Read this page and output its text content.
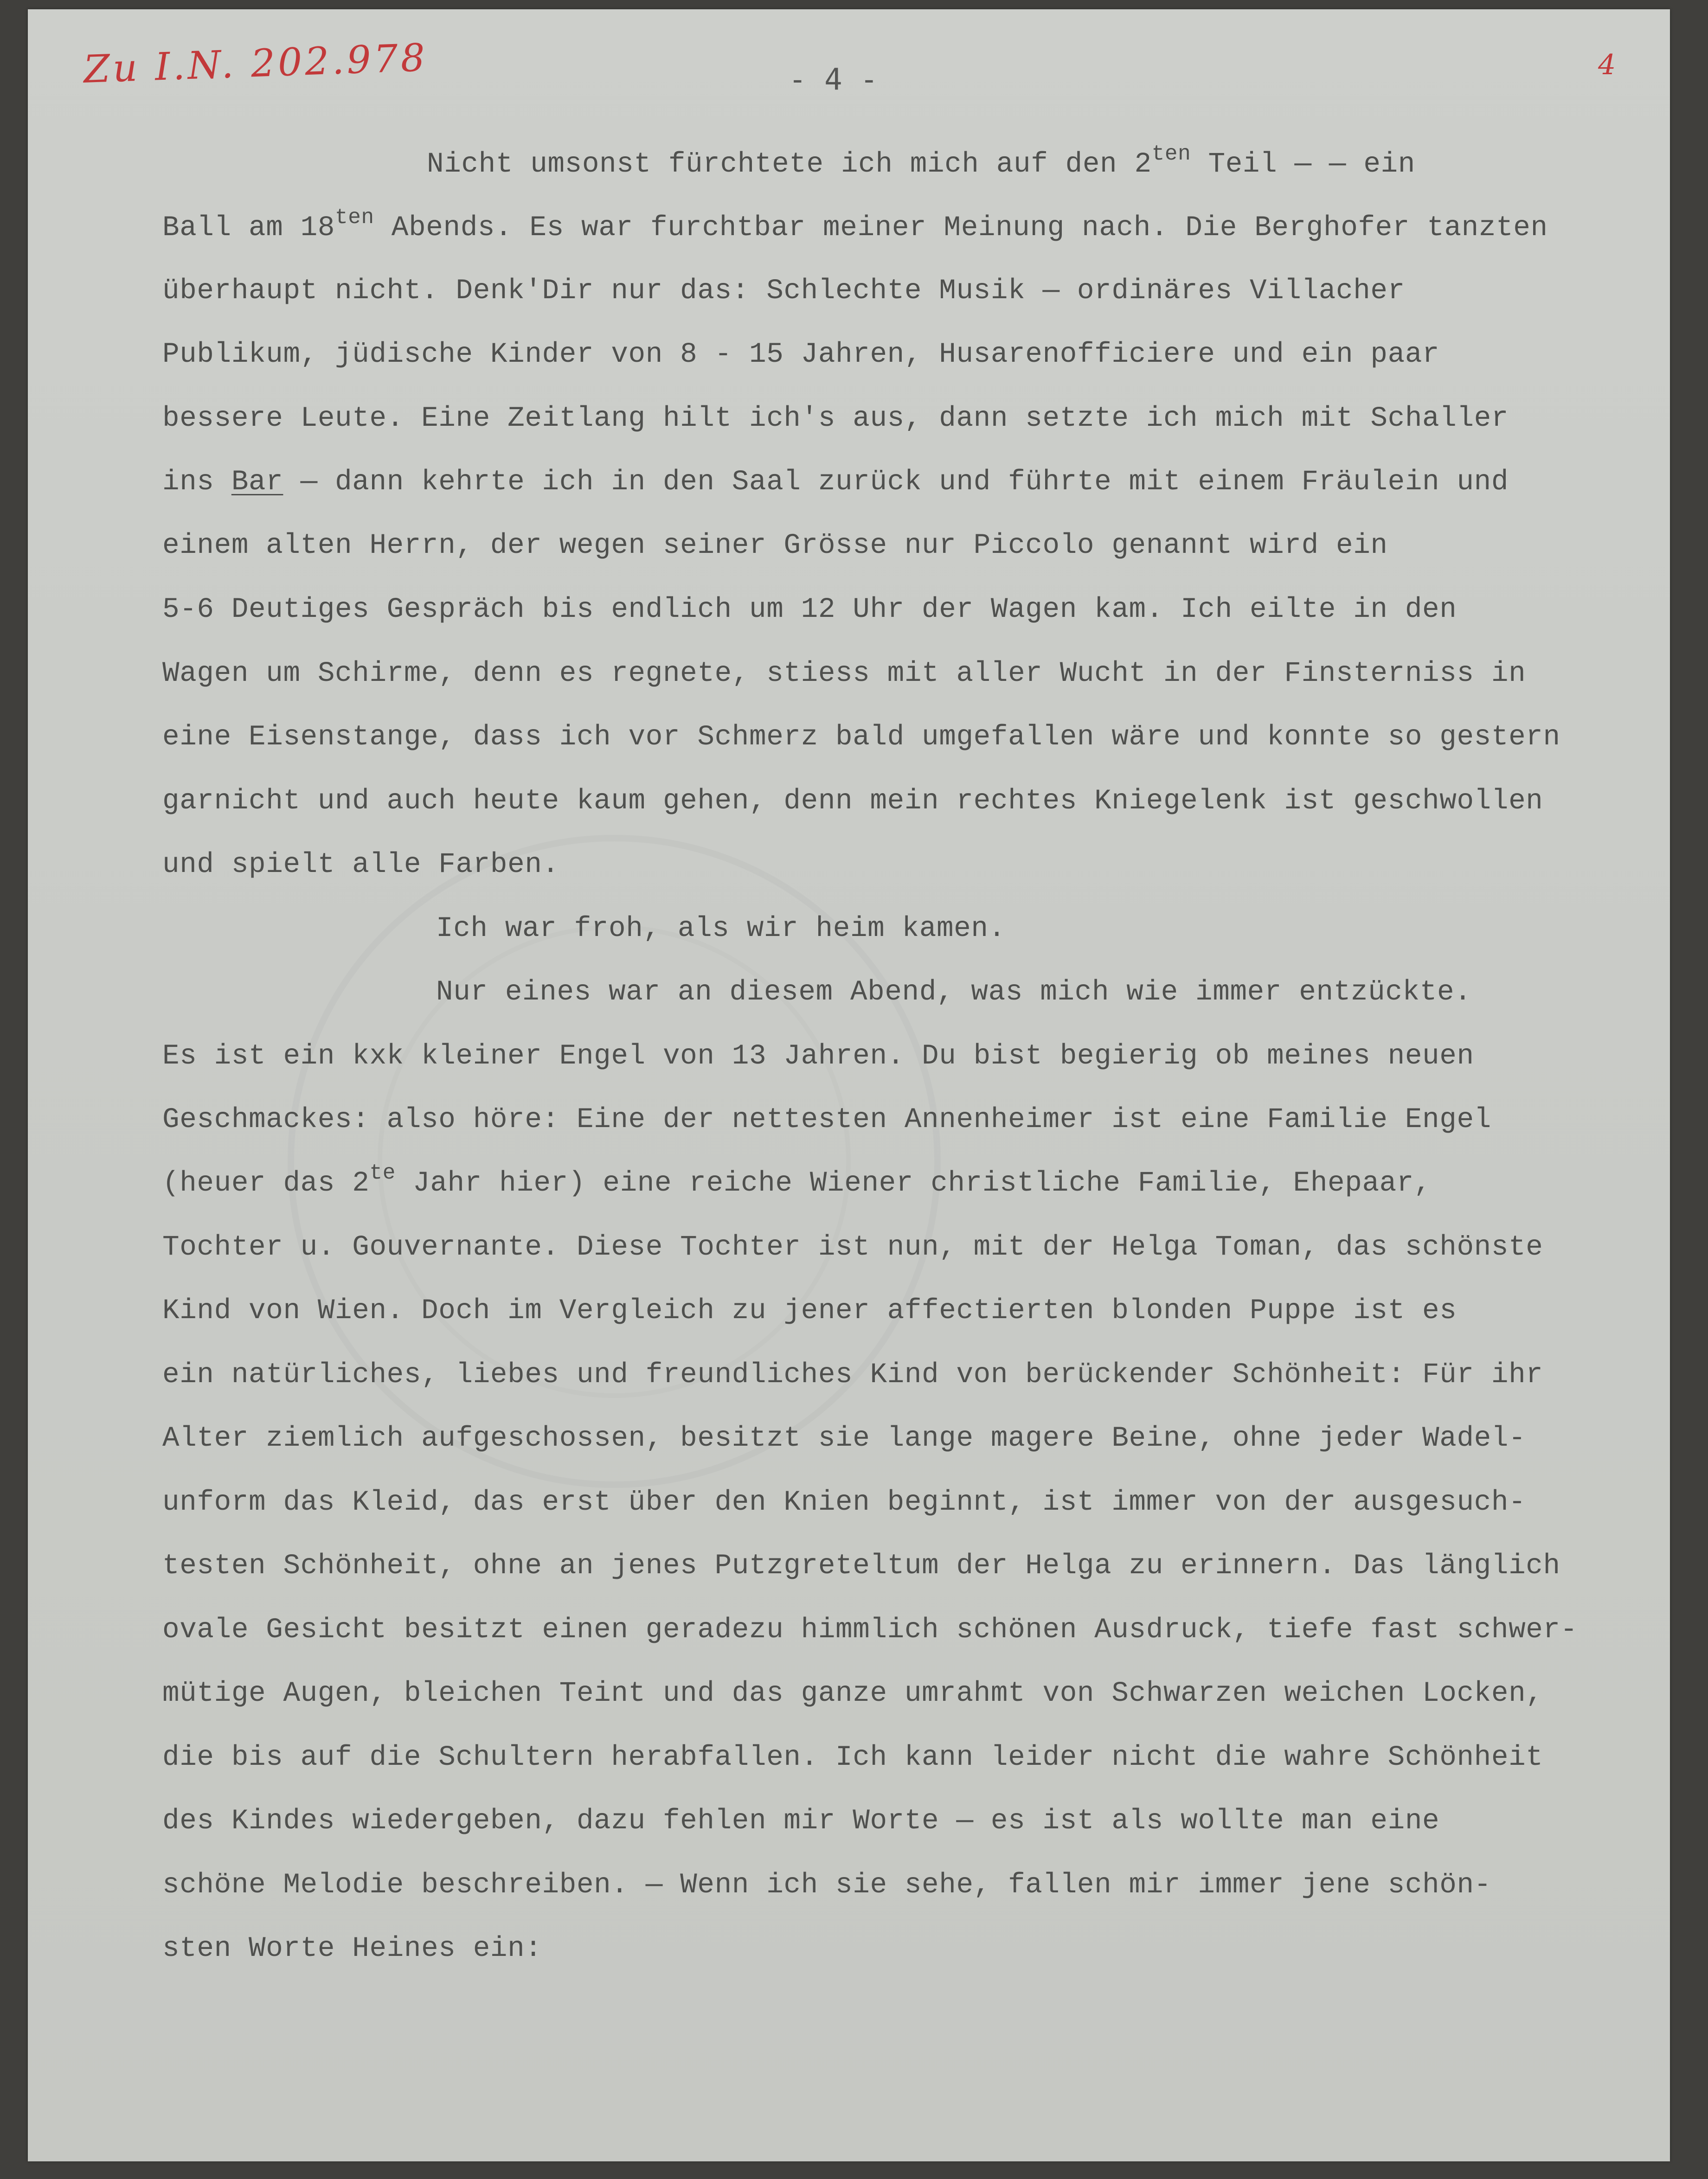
Zu I.N. 202.978	4
- 4 -
Nicht umsonst fürchtete ich mich auf den $2^{ten}$ Teil — — ein
Ball am $18^{ten}$ Abends. Es war furchtbar meiner Meinung nach. Die Berghofer tanzten
überhaupt nicht. Denk'Dir nur das: Schlechte Musik — ordinäres Villacher
Publikum, jüdische Kinder von 8 - 15 Jahren, Husarenofficiere und ein paar
bessere Leute. Eine Zeitlang hilt ich's aus, dann setzte ich mich mit Schaller
ins Bar — dann kehrte ich in den Saal zurück und führte mit einem Fräulein und
einem alten Herrn, der wegen seiner Grösse nur Piccolo genannt wird ein
5-6 Deutiges Gespräch bis endlich um 12 Uhr der Wagen kam. Ich eilte in den
Wagen um Schirme, denn es regnete, stiess mit aller Wucht in der Finsterniss in
eine Eisenstange, dass ich vor Schmerz bald umgefallen wäre und konnte so gestern
garnicht und auch heute kaum gehen, denn mein rechtes Kniegelenk ist geschwollen
und spielt alle Farben.
Ich war froh, als wir heim kamen.
Nur eines war an diesem Abend, was mich wie immer entzückte.
Es ist ein kxk kleiner Engel von 13 Jahren. Du bist begierig ob meines neuen
Geschmackes: also höre: Eine der nettesten Annenheimer ist eine Familie Engel
(heuer das $2^{te}$ Jahr hier) eine reiche Wiener christliche Familie, Ehepaar,
Tochter u. Gouvernante. Diese Tochter ist nun, mit der Helga Toman, das schönste
Kind von Wien. Doch im Vergleich zu jener affectierten blonden Puppe ist es
ein natürliches, liebes und freundliches Kind von berückender Schönheit: Für ihr
Alter ziemlich aufgeschossen, besitzt sie lange magere Beine, ohne jeder Wadel-
unform das Kleid, das erst über den Knien beginnt, ist immer von der ausgesuch-
testen Schönheit, ohne an jenes Putzgreteltum der Helga zu erinnern. Das länglich
ovale Gesicht besitzt einen geradezu himmlich schönen Ausdruck, tiefe fast schwer-
mütige Augen, bleichen Teint und das ganze umrahmt von Schwarzen weichen Locken,
die bis auf die Schultern herabfallen. Ich kann leider nicht die wahre Schönheit
des Kindes wiedergeben, dazu fehlen mir Worte — es ist als wollte man eine
schöne Melodie beschreiben. — Wenn ich sie sehe, fallen mir immer jene schön-
sten Worte Heines ein:
